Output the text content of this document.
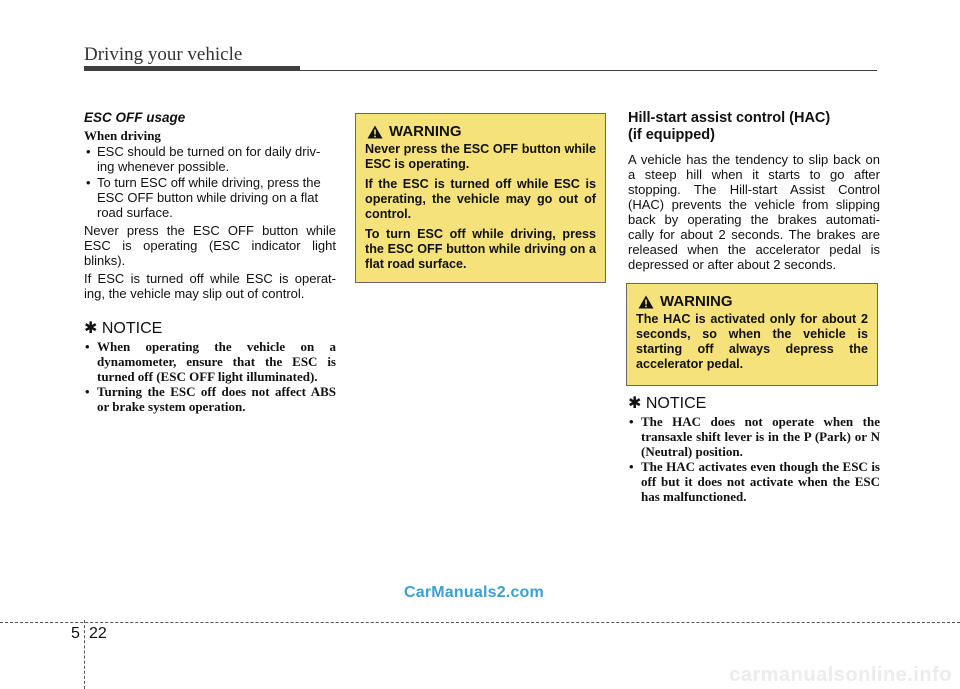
Driving your vehicle
ESC OFF usage
When driving
• ESC should be turned on for daily driv- ing whenever possible.
• To turn ESC off while driving, press the ESC OFF button while driving on a flat road surface.

Never press the ESC OFF button while ESC is operating (ESC indicator light blinks).

If ESC is turned off while ESC is operat- ing, the vehicle may slip out of control.

✱ NOTICE
• When operating the vehicle on a dynamometer, ensure that the ESC is turned off (ESC OFF light illuminated).
• Turning the ESC off does not affect ABS or brake system operation.
WARNING

Never press the ESC OFF button while ESC is operating.

If the ESC is turned off while ESC is operating, the vehicle may go out of control.

To turn ESC off while driving, press the ESC OFF button while driving on a flat road surface.

Hill-start assist control (HAC)
(if equipped)

A vehicle has the tendency to slip back on a steep hill when it starts to go after stopping. The Hill-start Assist Control (HAC) prevents the vehicle from slipping back by operating the brakes automati- cally for about 2 seconds. The brakes are released when the accelerator pedal is depressed or after about 2 seconds.

WARNING

The HAC is activated only for about 2 seconds, so when the vehicle is starting off always depress the accelerator pedal.

✱ NOTICE
• The HAC does not operate when the transaxle shift lever is in the P (Park) or N (Neutral) position.
• The HAC activates even though the ESC is off but it does not activate when the ESC has malfunctioned.
CarManuals2.com
5 22
carmanualsonline.info
